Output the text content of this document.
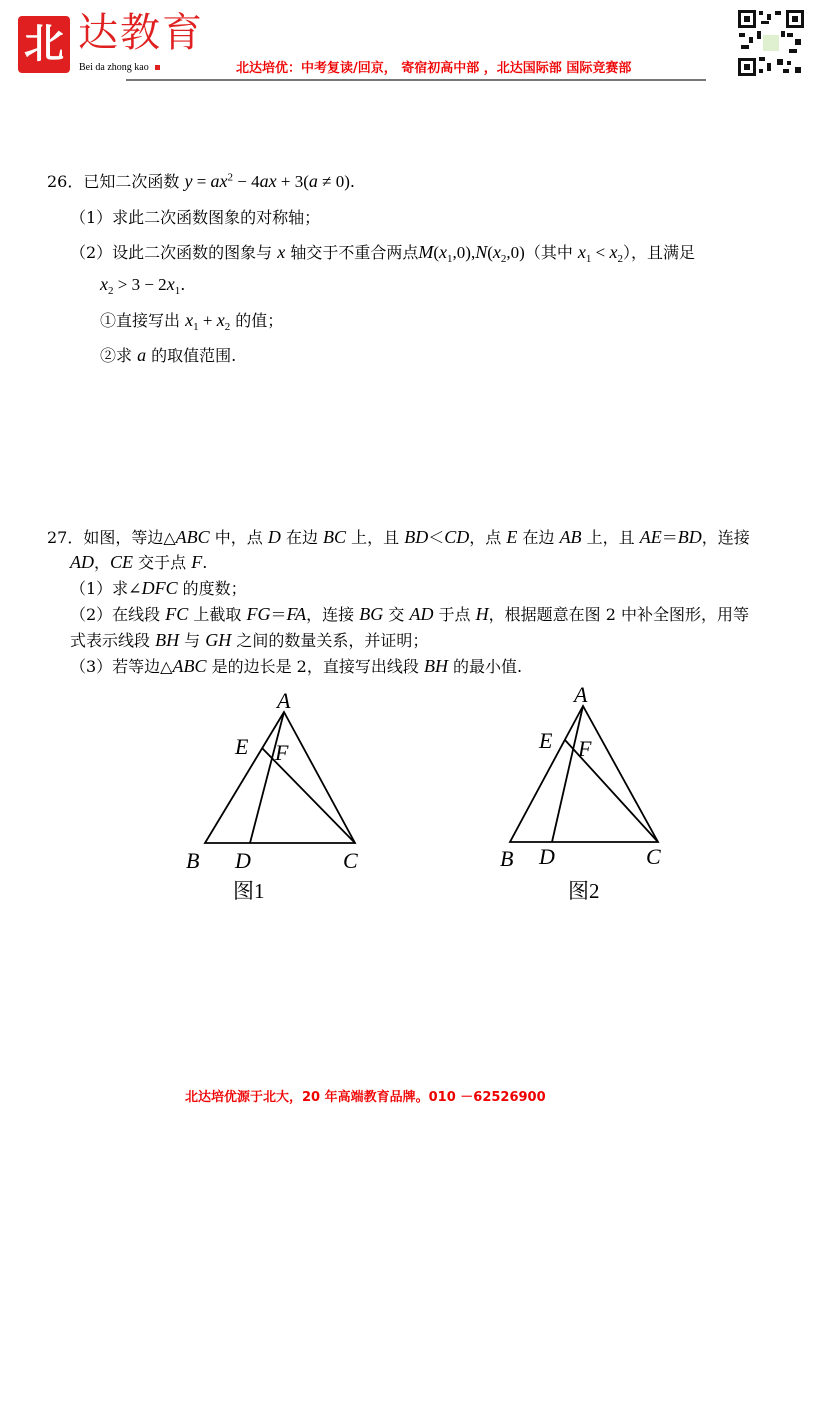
北 达教育
Bei da zhong kao	北达培优：中考复读/回京， 寄宿初高中部 ，北达国际部 国际竞赛部
26．已知二次函数 $y = ax^2 - 4ax + 3(a \ne 0)$.
（1）求此二次函数图象的对称轴；
（2）设此二次函数的图象与 x 轴交于不重合两点$M(x_1,0),N(x_2,0)$（其中 $x_1 < x_2$），且满足
$x_2 > 3 - 2x_1$.
①直接写出 $x_1 + x_2$ 的值；
②求 a 的取值范围.
27．如图，等边△ABC 中，点 D 在边 BC 上，且 BD＜CD，点 E 在边 AB 上，且 AE＝BD，连接
AD，CE 交于点 F.
（1）求∠DFC 的度数；
（2）在线段 FC 上截取 FG＝FA，连接 BG 交 AD 于点 H，根据题意在图 2 中补全图形，用等
式表示线段 BH 与 GH 之间的数量关系，并证明；
（3）若等边△ABC 是的边长是 2，直接写出线段 BH 的最小值.
A
E F
B D	C
图1
A
E F
B D	C
图2
北达培优源于北大，20 年高端教育品牌。010 －62526900
